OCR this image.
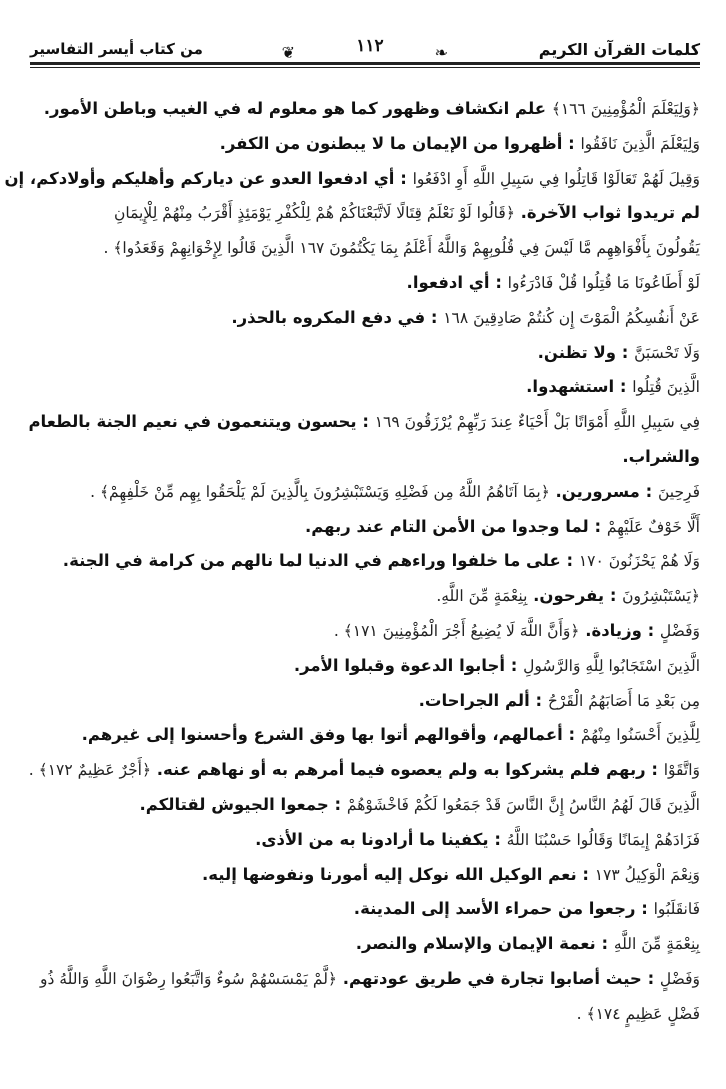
كلمات القرآن الكريم
❦	١١٢	❧
من كتاب أيسر التفاسير
﴿وَلِيَعْلَمَ الْمُؤْمِنِينَ ١٦٦﴾ علم انكشاف وظهور كما هو معلوم له في الغيب وباطن الأمور.
وَلِيَعْلَمَ الَّذِينَ نَافَقُوا : أظهروا من الإيمان ما لا يبطنون من الكفر.
وَقِيلَ لَهُمْ تَعَالَوْا قَاتِلُوا فِي سَبِيلِ اللَّهِ أَوِ ادْفَعُوا : أي ادفعوا العدو عن دياركم وأهليكم وأولادكم، إن
لم تريدوا ثواب الآخرة. ﴿قَالُوا لَوْ نَعْلَمُ قِتَالًا لَاتَّبَعْنَاكُمْ هُمْ لِلْكُفْرِ يَوْمَئِذٍ أَقْرَبُ مِنْهُمْ لِلْإِيمَانِ
يَقُولُونَ بِأَفْوَاهِهِم مَّا لَيْسَ فِي قُلُوبِهِمْ وَاللَّهُ أَعْلَمُ بِمَا يَكْتُمُونَ ١٦٧ الَّذِينَ قَالُوا لِإِخْوَانِهِمْ وَقَعَدُوا﴾ .
لَوْ أَطَاعُونَا مَا قُتِلُوا قُلْ فَادْرَءُوا : أي ادفعوا.
عَنْ أَنفُسِكُمُ الْمَوْتَ إِن كُنتُمْ صَادِقِينَ ١٦٨ : في دفع المكروه بالحذر.
وَلَا تَحْسَبَنَّ : ولا تظنن.
الَّذِينَ قُتِلُوا : استشهدوا.
فِي سَبِيلِ اللَّهِ أَمْوَاتًا بَلْ أَحْيَاءٌ عِندَ رَبِّهِمْ يُرْزَقُونَ ١٦٩ : يحسون ويتنعمون في نعيم الجنة بالطعام
والشراب.
فَرِحِينَ : مسرورين. ﴿بِمَا آتَاهُمُ اللَّهُ مِن فَضْلِهِ وَيَسْتَبْشِرُونَ بِالَّذِينَ لَمْ يَلْحَقُوا بِهِم مِّنْ خَلْفِهِمْ﴾ .
أَلَّا خَوْفٌ عَلَيْهِمْ : لما وجدوا من الأمن التام عند ربهم.
وَلَا هُمْ يَحْزَنُونَ ١٧٠ : على ما خلفوا وراءهم في الدنيا لما نالهم من كرامة في الجنة.
﴿يَسْتَبْشِرُونَ : يفرحون. بِنِعْمَةٍ مِّنَ اللَّهِ.
وَفَضْلٍ : وزيادة. ﴿وَأَنَّ اللَّهَ لَا يُضِيعُ أَجْرَ الْمُؤْمِنِينَ ١٧١﴾ .
الَّذِينَ اسْتَجَابُوا لِلَّهِ وَالرَّسُولِ : أجابوا الدعوة وقبلوا الأمر.
مِن بَعْدِ مَا أَصَابَهُمُ الْقَرْحُ : ألم الجراحات.
لِلَّذِينَ أَحْسَنُوا مِنْهُمْ : أعمالهم، وأقوالهم أتوا بها وفق الشرع وأحسنوا إلى غيرهم.
وَاتَّقَوْا : ربهم فلم يشركوا به ولم يعصوه فيما أمرهم به أو نهاهم عنه. ﴿أَجْرٌ عَظِيمٌ ١٧٢﴾ .
الَّذِينَ قَالَ لَهُمُ النَّاسُ إِنَّ النَّاسَ قَدْ جَمَعُوا لَكُمْ فَاخْشَوْهُمْ : جمعوا الجيوش لقتالكم.
فَزَادَهُمْ إِيمَانًا وَقَالُوا حَسْبُنَا اللَّهُ : يكفينا ما أرادونا به من الأذى.
وَنِعْمَ الْوَكِيلُ ١٧٣ : نعم الوكيل الله نوكل إليه أمورنا ونفوضها إليه.
فَانقَلَبُوا : رجعوا من حمراء الأسد إلى المدينة.
بِنِعْمَةٍ مِّنَ اللَّهِ : نعمة الإيمان والإسلام والنصر.
وَفَضْلٍ : حيث أصابوا تجارة في طريق عودتهم. ﴿لَّمْ يَمْسَسْهُمْ سُوءٌ وَاتَّبَعُوا رِضْوَانَ اللَّهِ وَاللَّهُ ذُو
فَضْلٍ عَظِيمٍ ١٧٤﴾ .
